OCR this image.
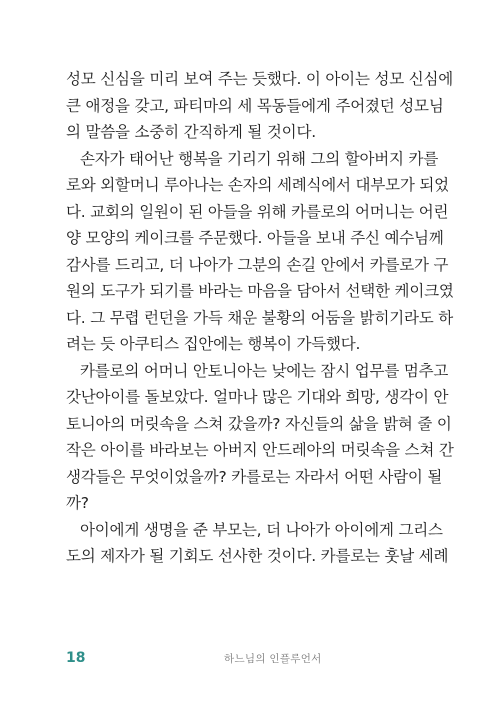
성모 신심을 미리 보여 주는 듯했다. 이 아이는 성모 신심에
큰 애정을 갖고, 파티마의 세 목동들에게 주어졌던 성모님
의 말씀을 소중히 간직하게 될 것이다.
손자가 태어난 행복을 기리기 위해 그의 할아버지 카를
로와 외할머니 루아나는 손자의 세례식에서 대부모가 되었
다. 교회의 일원이 된 아들을 위해 카를로의 어머니는 어린
양 모양의 케이크를 주문했다. 아들을 보내 주신 예수님께
감사를 드리고, 더 나아가 그분의 손길 안에서 카를로가 구
원의 도구가 되기를 바라는 마음을 담아서 선택한 케이크였
다. 그 무렵 런던을 가득 채운 불황의 어둠을 밝히기라도 하
려는 듯 아쿠티스 집안에는 행복이 가득했다.
카를로의 어머니 안토니아는 낮에는 잠시 업무를 멈추고
갓난아이를 돌보았다. 얼마나 많은 기대와 희망, 생각이 안
토니아의 머릿속을 스쳐 갔을까? 자신들의 삶을 밝혀 줄 이
작은 아이를 바라보는 아버지 안드레아의 머릿속을 스쳐 간
생각들은 무엇이었을까? 카를로는 자라서 어떤 사람이 될
까?
아이에게 생명을 준 부모는, 더 나아가 아이에게 그리스
도의 제자가 될 기회도 선사한 것이다. 카를로는 훗날 세례
18	하느님의 인플루언서
